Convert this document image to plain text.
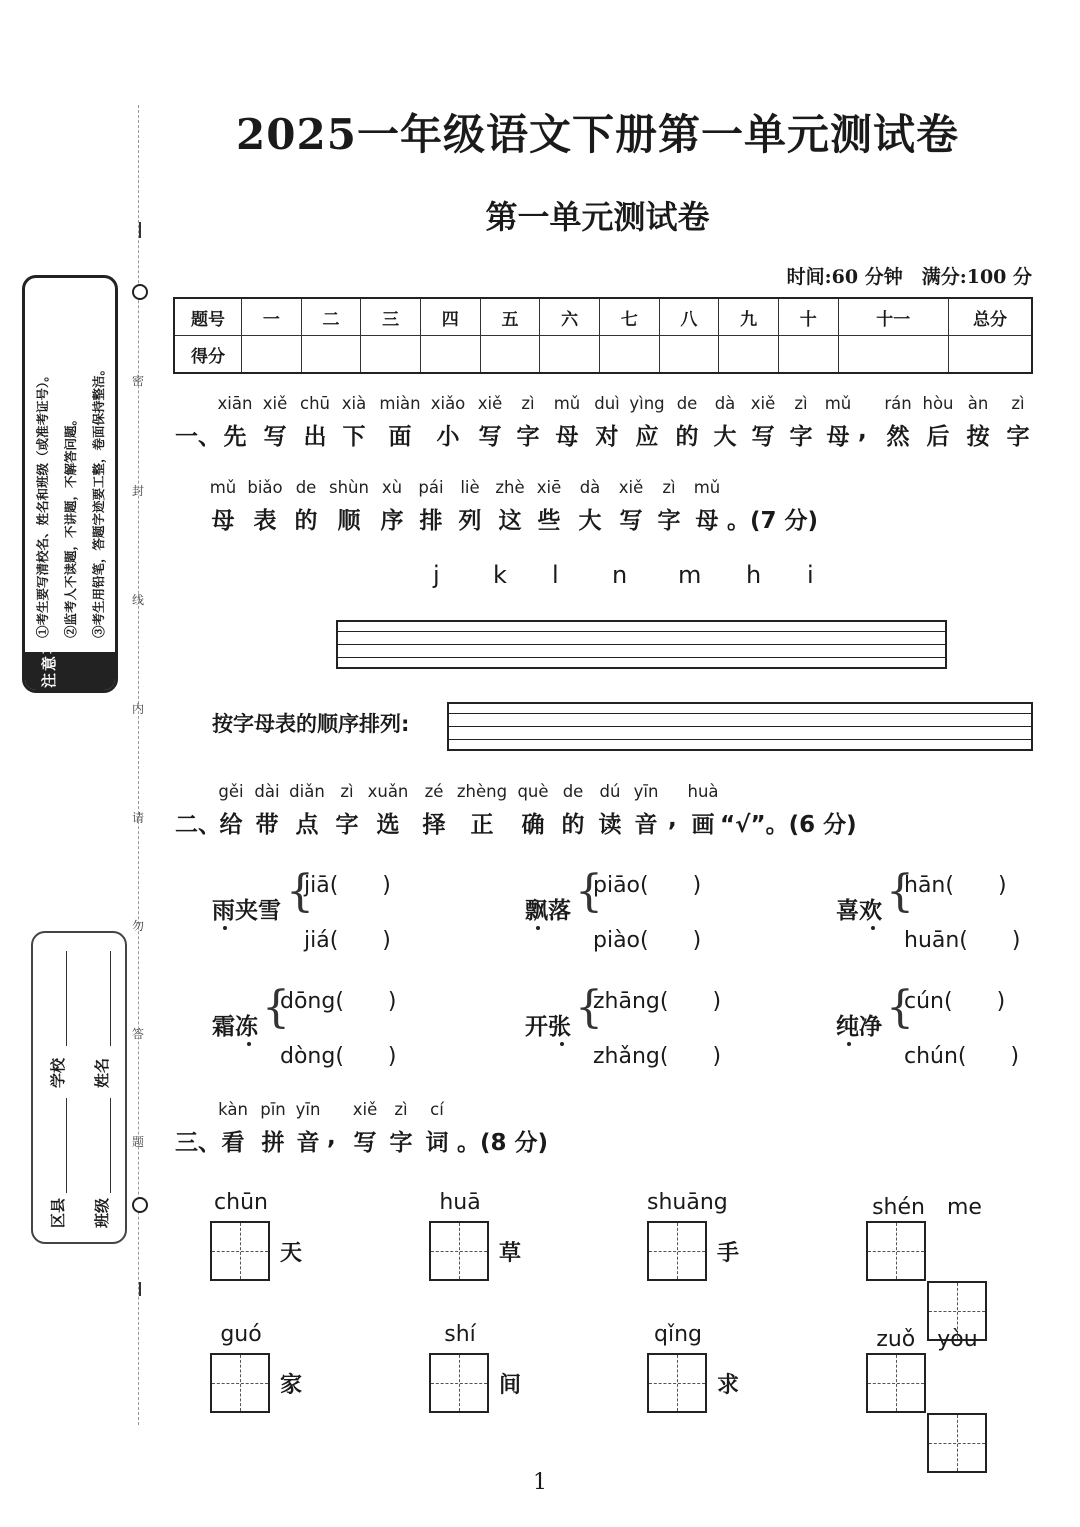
密
封
线
内
请
勿
答
题
注意事项
①考生要写清校名、姓名和班级（或准考证号）。 ②监考人不读题，不讲题，不解答问题。 ③考生用铅笔，答题字迹要工整，卷面保持整洁。
区县
学校
班级
姓名
2025一年级语文下册第一单元测试卷
第一单元测试卷
时间:60 分钟　满分:100 分
题号	一	二	三	四	五	六	七	八	九	十	十一	总分
得分												
一、
xiān
先
xiě
写
chū
出
xià
下
miàn
面
xiǎo
小
xiě
写
zì
字
mǔ
母
duì
对
yìng
应
de
的
dà
大
xiě
写
zì
字
mǔ
母
rán
然
hòu
后
àn
按
zì
字
,
mǔ
母
biǎo
表
de
的
shùn
顺
xù
序
pái
排
liè
列
zhè
这
xiē
些
dà
大
xiě
写
zì
字
mǔ
母 。(7 分)
j k l n m h i
按字母表的顺序排列:
二、
gěi
给
dài
带
diǎn
点
zì
字
xuǎn
选
zé
择
zhèng
正
què
确
de
的
dú
读
yīn
音
huà
画
, “√”。(6 分)
雨夹雪 {
jiā(　　)
jiá(　　)
飘落 {
piāo(　　)
piào(　　)
喜欢 {
hān(　　)
huān(　　)
霜冻 {
dōng(　　)
dòng(　　)
开张 {
zhāng(　　)
zhǎng(　　)
纯净 {
cún(　　)
chún(　　)
三、
kàn
看
pīn
拼
yīn
音
xiě
写
zì
字
cí
词
,	。(8 分)
chūn
天
huā
草
shuāng
手
shén　me
guó
家
shí
间
qǐng
求
zuǒ　yòu
1
